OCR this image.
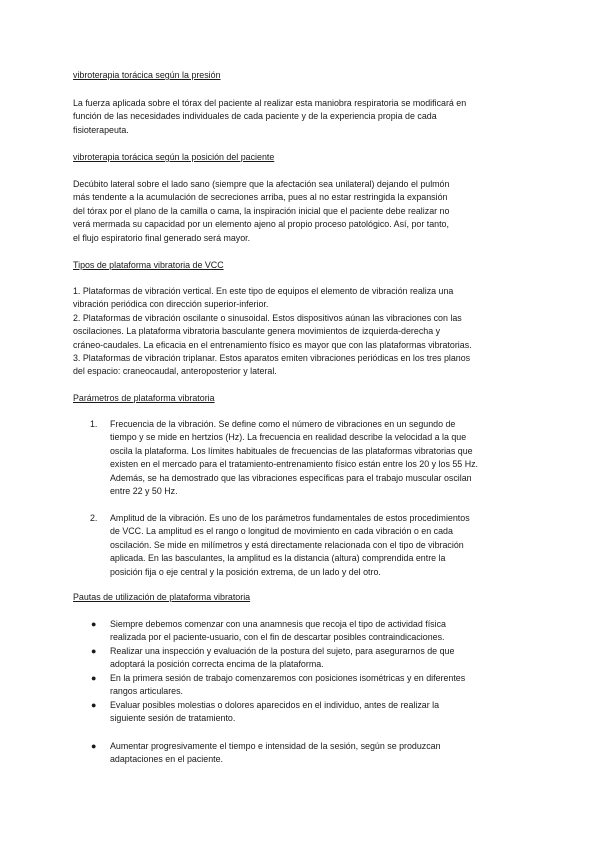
vibroterapia torácica según la presión
La fuerza aplicada sobre el tórax del paciente al realizar esta maniobra respiratoria se modificará en
función de las necesidades individuales de cada paciente y de la experiencia propia de cada
fisioterapeuta.
vibroterapia torácica según la posición del paciente
Decúbito lateral sobre el lado sano (siempre que la afectación sea unilateral) dejando el pulmón
más tendente a la acumulación de secreciones arriba, pues al no estar restringida la expansión
del tórax por el plano de la camilla o cama, la inspiración inicial que el paciente debe realizar no
verá mermada su capacidad por un elemento ajeno al propio proceso patológico. Así, por tanto,
el flujo espiratorio final generado será mayor.
Tipos de plataforma vibratoria de VCC
1. Plataformas de vibración vertical. En este tipo de equipos el elemento de vibración realiza una
vibración periódica con dirección superior-inferior.
2. Plataformas de vibración oscilante o sinusoidal. Estos dispositivos aúnan las vibraciones con las
oscilaciones. La plataforma vibratoria basculante genera movimientos de izquierda-derecha y
cráneo-caudales. La eficacia en el entrenamiento físico es mayor que con las plataformas vibratorias.
3. Plataformas de vibración triplanar. Estos aparatos emiten vibraciones periódicas en los tres planos
del espacio: craneocaudal, anteroposterior y lateral.
Parámetros de plataforma vibratoria
1. Frecuencia de la vibración. Se define como el número de vibraciones en un segundo de
tiempo y se mide en hertzios (Hz). La frecuencia en realidad describe la velocidad a la que
oscila la plataforma. Los límites habituales de frecuencias de las plataformas vibratorias que
existen en el mercado para el tratamiento-entrenamiento físico están entre los 20 y los 55 Hz.
Además, se ha demostrado que las vibraciones específicas para el trabajo muscular oscilan
entre 22 y 50 Hz.
2. Amplitud de la vibración. Es uno de los parámetros fundamentales de estos procedimientos
de VCC. La amplitud es el rango o longitud de movimiento en cada vibración o en cada
oscilación. Se mide en milímetros y está directamente relacionada con el tipo de vibración
aplicada. En las basculantes, la amplitud es la distancia (altura) comprendida entre la
posición fija o eje central y la posición extrema, de un lado y del otro.
Pautas de utilización de plataforma vibratoria
● Siempre debemos comenzar con una anamnesis que recoja el tipo de actividad física
realizada por el paciente-usuario, con el fin de descartar posibles contraindicaciones.
● Realizar una inspección y evaluación de la postura del sujeto, para asegurarnos de que
adoptará la posición correcta encima de la plataforma.
● En la primera sesión de trabajo comenzaremos con posiciones isométricas y en diferentes
rangos articulares.
● Evaluar posibles molestias o dolores aparecidos en el individuo, antes de realizar la
siguiente sesión de tratamiento.
● Aumentar progresivamente el tiempo e intensidad de la sesión, según se produzcan
adaptaciones en el paciente.
